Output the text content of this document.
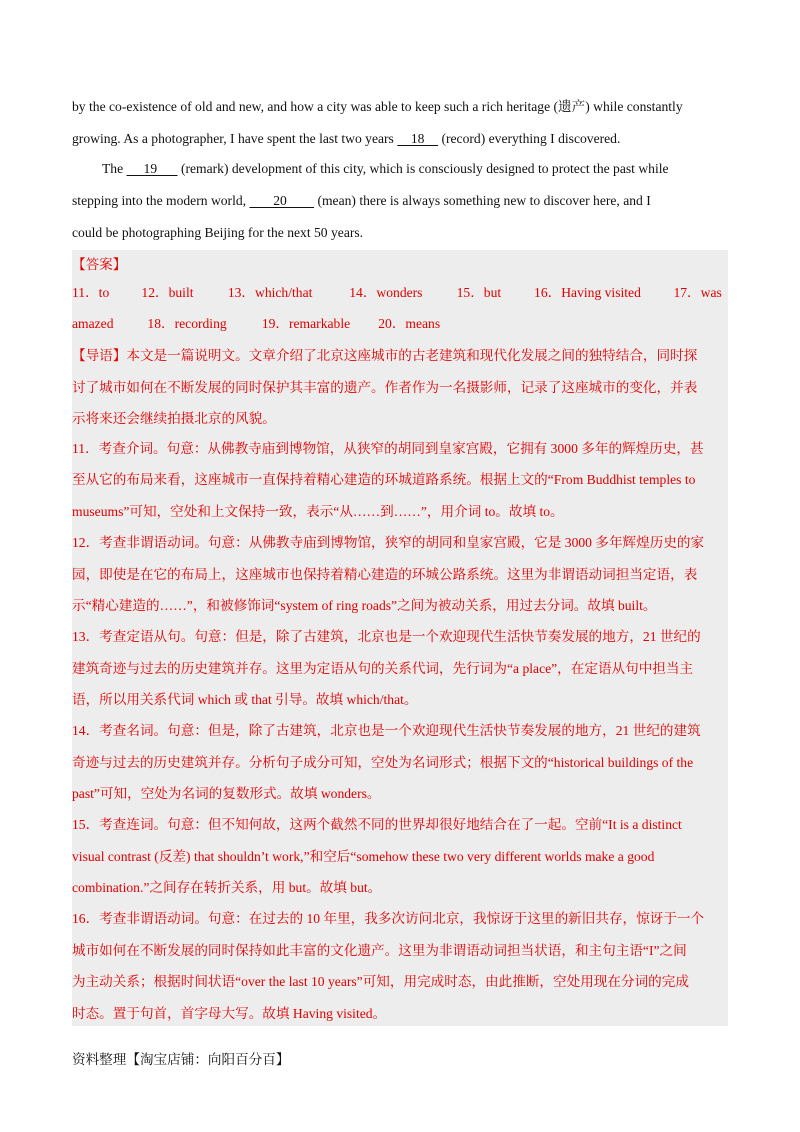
by the co-existence of old and new, and how a city was able to keep such a rich heritage (遗产) while constantly
growing. As a photographer, I have spent the last two years     18     (record) everything I discovered.
The      19       (remark) development of this city, which is consciously designed to protect the past while
stepping into the modern world,        20         (mean) there is always something new to discover here, and I
could be photographing Beijing for the next 50 years.
【答案】
11．to 12．built	13．which/that	14．wonders	15．but 16．Having visited 17．was
amazed 18．recording	19．remarkable 20．means
【导语】本文是一篇说明文。文章介绍了北京这座城市的古老建筑和现代化发展之间的独特结合，同时探
讨了城市如何在不断发展的同时保护其丰富的遗产。作者作为一名摄影师，记录了这座城市的变化，并表
示将来还会继续拍摄北京的风貌。
11．考查介词。句意：从佛教寺庙到博物馆，从狭窄的胡同到皇家宫殿，它拥有 3000 多年的辉煌历史，甚
至从它的布局来看，这座城市一直保持着精心建造的环城道路系统。根据上文的“From Buddhist temples to
museums”可知，空处和上文保持一致，表示“从……到……”，用介词 to。故填 to。
12．考查非谓语动词。句意：从佛教寺庙到博物馆，狭窄的胡同和皇家宫殿，它是 3000 多年辉煌历史的家
园，即使是在它的布局上，这座城市也保持着精心建造的环城公路系统。这里为非谓语动词担当定语，表
示“精心建造的……”，和被修饰词“system of ring roads”之间为被动关系，用过去分词。故填 built。
13．考查定语从句。句意：但是，除了古建筑，北京也是一个欢迎现代生活快节奏发展的地方，21 世纪的
建筑奇迹与过去的历史建筑并存。这里为定语从句的关系代词，先行词为“a place”，在定语从句中担当主
语，所以用关系代词 which 或 that 引导。故填 which/that。
14．考查名词。句意：但是，除了古建筑，北京也是一个欢迎现代生活快节奏发展的地方，21 世纪的建筑
奇迹与过去的历史建筑并存。分析句子成分可知，空处为名词形式；根据下文的“historical buildings of the
past”可知，空处为名词的复数形式。故填 wonders。
15．考查连词。句意：但不知何故，这两个截然不同的世界却很好地结合在了一起。空前“It is a distinct
visual contrast (反差) that shouldn’t work,”和空后“somehow these two very different worlds make a good
combination.”之间存在转折关系，用 but。故填 but。
16．考查非谓语动词。句意：在过去的 10 年里，我多次访问北京，我惊讶于这里的新旧共存，惊讶于一个
城市如何在不断发展的同时保持如此丰富的文化遗产。这里为非谓语动词担当状语，和主句主语“I”之间
为主动关系；根据时间状语“over the last 10 years”可知，用完成时态，由此推断，空处用现在分词的完成
时态。置于句首，首字母大写。故填 Having visited。
资料整理【淘宝店铺：向阳百分百】
